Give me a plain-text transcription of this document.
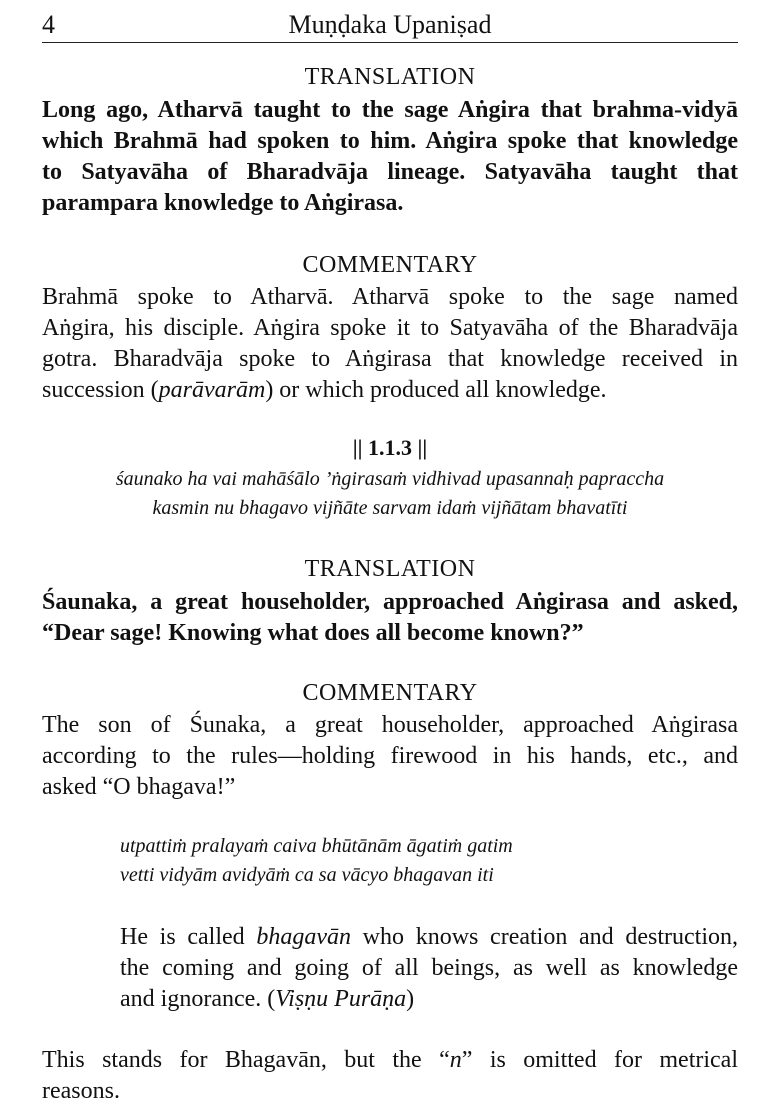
4	Muṇḍaka Upaniṣad
TRANSLATION
Long ago, Atharvā taught to the sage Aṅgira that brahma-vidyā
which Brahmā had spoken to him. Aṅgira spoke that knowledge
to Satyavāha of Bharadvāja lineage. Satyavāha taught that
parampara knowledge to Aṅgirasa.
COMMENTARY
Brahmā spoke to Atharvā. Atharvā spoke to the sage named
Aṅgira, his disciple. Aṅgira spoke it to Satyavāha of the Bharadvāja
gotra. Bharadvāja spoke to Aṅgirasa that knowledge received in
succession (parāvarām) or which produced all knowledge.
|| 1.1.3 ||
śaunako ha vai mahāśālo ’ṅgirasaṁ vidhivad upasannaḥ papraccha
kasmin nu bhagavo vijñāte sarvam idaṁ vijñātam bhavatīti
TRANSLATION
Śaunaka, a great householder, approached Aṅgirasa and asked,
“Dear sage! Knowing what does all become known?”
COMMENTARY
The son of Śunaka, a great householder, approached Aṅgirasa
according to the rules—holding firewood in his hands, etc., and
asked “O bhagava!”
utpattiṁ pralayaṁ caiva bhūtānām āgatiṁ gatim
vetti vidyām avidyāṁ ca sa vācyo bhagavan iti
He is called bhagavān who knows creation and destruction,
the coming and going of all beings, as well as knowledge
and ignorance. (Viṣṇu Purāṇa)
This stands for Bhagavān, but the “n” is omitted for metrical
reasons.
